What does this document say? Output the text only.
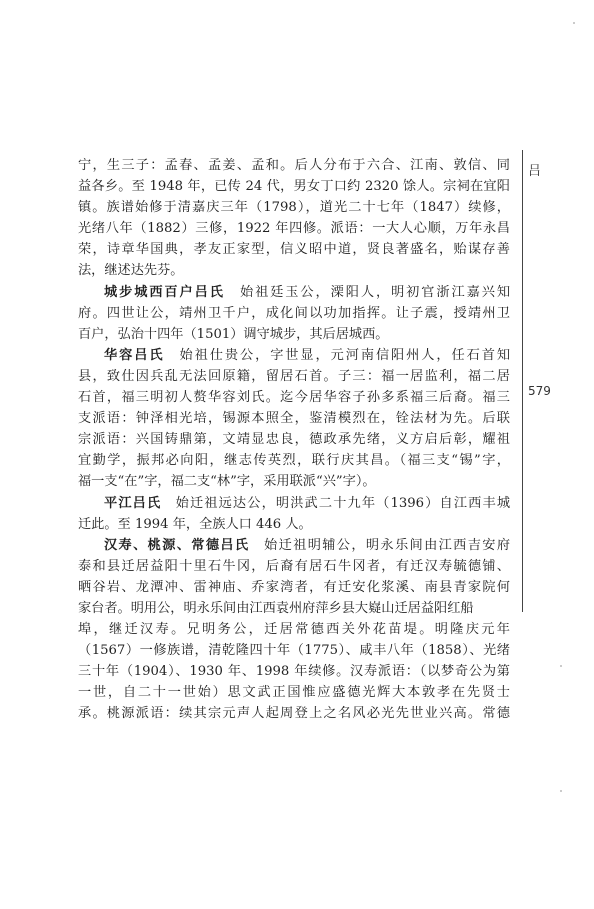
宁，生三子：孟春、孟姜、孟和。后人分布于六合、江南、敦信、同
益各乡。至 1948 年，已传 24 代，男女丁口约 2320 馀人。宗祠在宜阳
镇。族谱始修于清嘉庆三年（1798），道光二十七年（1847）续修，
光绪八年（1882）三修，1922 年四修。派语：一大人心顺，万年永昌
荣，诗章华国典，孝友正家型，信义昭中道，贤良著盛名，贻谋存善
法，继述达先芬。
城步城西百户吕氏　始祖廷玉公，溧阳人，明初官浙江嘉兴知
府。四世让公，靖州卫千户，成化间以功加指挥。让子震，授靖州卫
百户，弘治十四年（1501）调守城步，其后居城西。
华容吕氏　始祖仕贵公，字世显，元河南信阳州人，任石首知
县，致仕因兵乱无法回原籍，留居石首。子三：福一居监利，福二居
石首，福三明初人赘华容刘氏。迄今居华容子孙多系福三后裔。福三
支派语：钟泽相光培，锡源本照全，鉴清模烈在，铨法材为先。后联
宗派语：兴国铸鼎第，文靖显忠良，德政承先绪，义方启后彰，耀祖
宜勤学，振邦必向阳，继志传英烈，联行庆其昌。（福三支“锡”字，
福一支“在”字，福二支“林”字，采用联派“兴”字）。
平江吕氏　始迁祖远达公，明洪武二十九年（1396）自江西丰城
迁此。至 1994 年，全族人口 446 人。
汉寿、桃源、常德吕氏　始迁祖明辅公，明永乐间由江西吉安府
泰和县迁居益阳十里石牛冈，后裔有居石牛冈者，有迁汉寿毓德铺、
晒谷岩、龙潭冲、雷神庙、乔家湾者，有迁安化浆溪、南县青家院何
家台者。明用公，明永乐间由江西袁州府萍乡县大嶷山迁居益阳红船
埠，继迁汉寿。兄明务公，迁居常德西关外花苗堤。明隆庆元年
（1567）一修族谱，清乾隆四十年（1775）、咸丰八年（1858）、光绪
三十年（1904）、1930 年、1998 年续修。汉寿派语：（以梦奇公为第
一世，自二十一世始）思文武正国惟应盛德光辉大本敦孝在先贤士
承。桃源派语：续其宗元声人起周登上之名风必光先世业兴高。常德
吕
579
